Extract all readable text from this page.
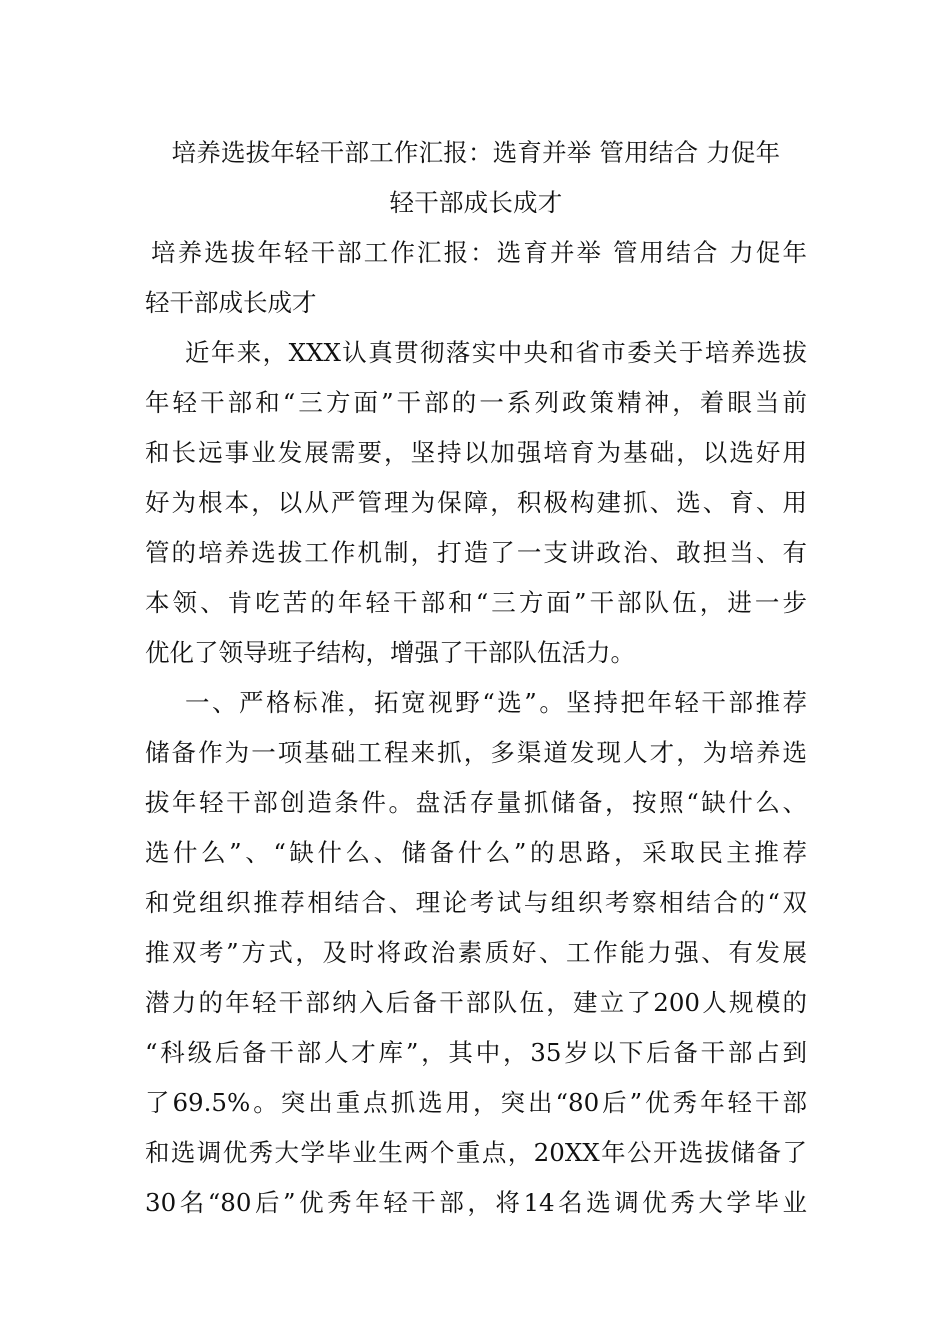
培养选拔年轻干部工作汇报：选育并举 管用结合 力促年
轻干部成长成才
培养选拔年轻干部工作汇报：选育并举 管用结合 力促年
轻干部成长成才
近年来，XXX认真贯彻落实中央和省市委关于培养选拔
年轻干部和“三方面”干部的一系列政策精神，着眼当前
和长远事业发展需要，坚持以加强培育为基础，以选好用
好为根本，以从严管理为保障，积极构建抓、选、育、用
管的培养选拔工作机制，打造了一支讲政治、敢担当、有
本领、肯吃苦的年轻干部和“三方面”干部队伍，进一步
优化了领导班子结构，增强了干部队伍活力。
一、严格标准，拓宽视野“选”。坚持把年轻干部推荐
储备作为一项基础工程来抓，多渠道发现人才，为培养选
拔年轻干部创造条件。盘活存量抓储备，按照“缺什么、
选什么”、“缺什么、储备什么”的思路，采取民主推荐
和党组织推荐相结合、理论考试与组织考察相结合的“双
推双考”方式，及时将政治素质好、工作能力强、有发展
潜力的年轻干部纳入后备干部队伍，建立了200人规模的
“科级后备干部人才库”，其中，35岁以下后备干部占到
了69.5%。突出重点抓选用，突出“80后”优秀年轻干部
和选调优秀大学毕业生两个重点，20XX年公开选拔储备了
30名“80后”优秀年轻干部，将14名选调优秀大学毕业
